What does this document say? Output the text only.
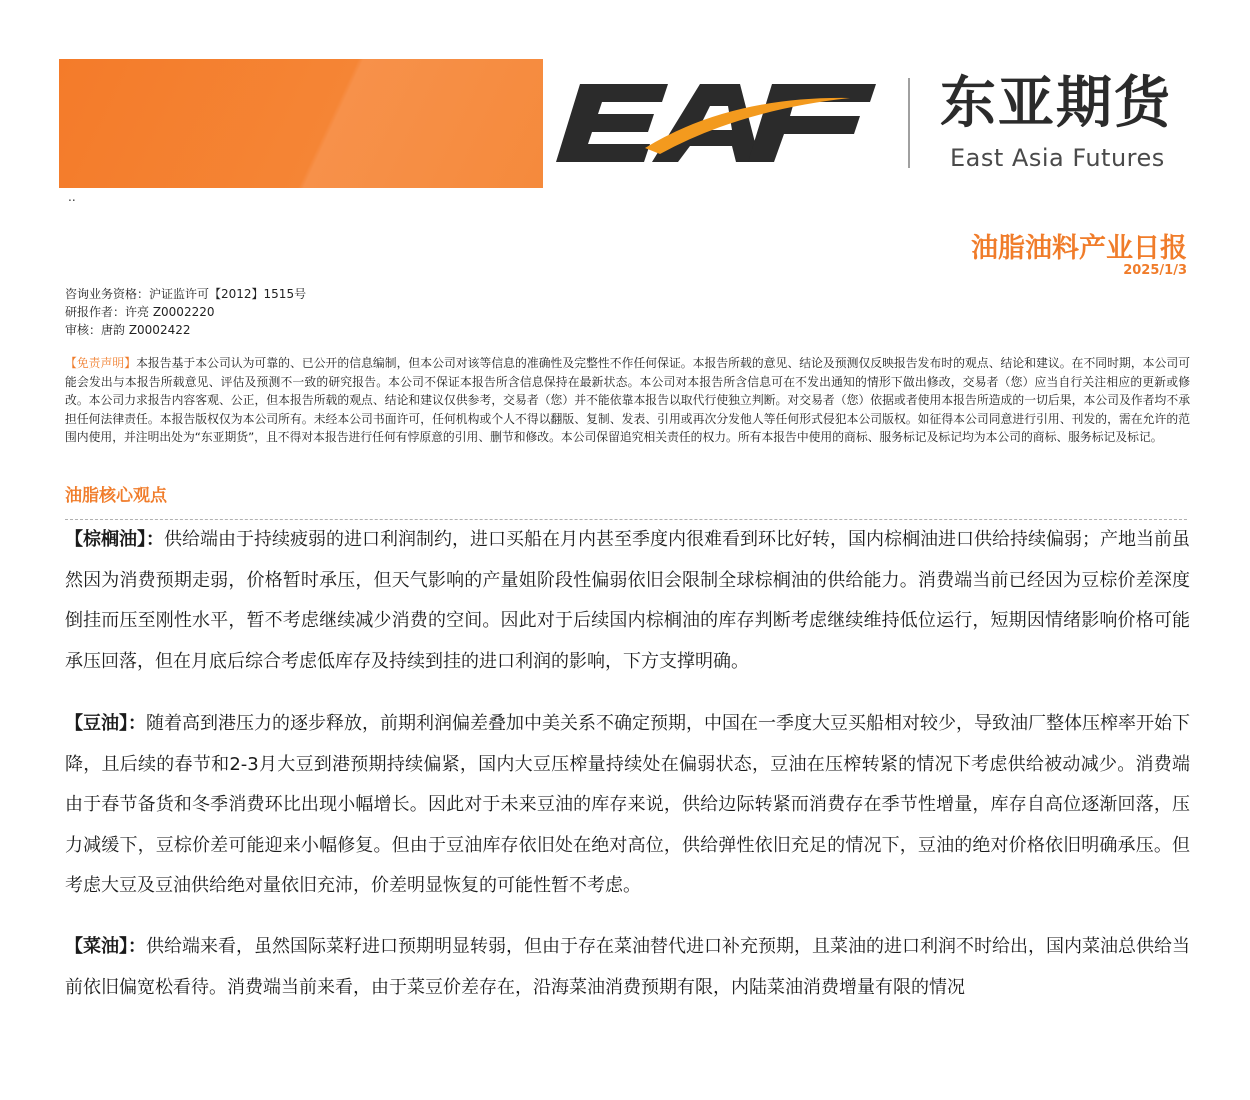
东亚期货
East Asia Futures
..
油脂油料产业日报
2025/1/3
咨询业务资格：沪证监许可【2012】1515号
研报作者：许亮 Z0002220
审核：唐韵 Z0002422
【免责声明】本报告基于本公司认为可靠的、已公开的信息编制，但本公司对该等信息的准确性及完整性不作任何保证。本报告所载的意见、结论及预测仅反映报告发布时的观点、结论和建议。在不同时期，本公司可能会发出与本报告所载意见、评估及预测不一致的研究报告。本公司不保证本报告所含信息保持在最新状态。本公司对本报告所含信息可在不发出通知的情形下做出修改，交易者（您）应当自行关注相应的更新或修改。本公司力求报告内容客观、公正，但本报告所载的观点、结论和建议仅供参考，交易者（您）并不能依靠本报告以取代行使独立判断。对交易者（您）依据或者使用本报告所造成的一切后果，本公司及作者均不承担任何法律责任。本报告版权仅为本公司所有。未经本公司书面许可，任何机构或个人不得以翻版、复制、发表、引用或再次分发他人等任何形式侵犯本公司版权。如征得本公司同意进行引用、刊发的，需在允许的范围内使用，并注明出处为“东亚期货”，且不得对本报告进行任何有悖原意的引用、删节和修改。本公司保留追究相关责任的权力。所有本报告中使用的商标、服务标记及标记均为本公司的商标、服务标记及标记。
油脂核心观点
【棕榈油】：供给端由于持续疲弱的进口利润制约，进口买船在月内甚至季度内很难看到环比好转，国内棕榈油进口供给持续偏弱；产地当前虽然因为消费预期走弱，价格暂时承压，但天气影响的产量姐阶段性偏弱依旧会限制全球棕榈油的供给能力。消费端当前已经因为豆棕价差深度倒挂而压至刚性水平，暂不考虑继续减少消费的空间。因此对于后续国内棕榈油的库存判断考虑继续维持低位运行，短期因情绪影响价格可能承压回落，但在月底后综合考虑低库存及持续到挂的进口利润的影响，下方支撑明确。
【豆油】：随着高到港压力的逐步释放，前期利润偏差叠加中美关系不确定预期，中国在一季度大豆买船相对较少，导致油厂整体压榨率开始下降，且后续的春节和2-3月大豆到港预期持续偏紧，国内大豆压榨量持续处在偏弱状态，豆油在压榨转紧的情况下考虑供给被动减少。消费端由于春节备货和冬季消费环比出现小幅增长。因此对于未来豆油的库存来说，供给边际转紧而消费存在季节性增量，库存自高位逐渐回落，压力减缓下，豆棕价差可能迎来小幅修复。但由于豆油库存依旧处在绝对高位，供给弹性依旧充足的情况下，豆油的绝对价格依旧明确承压。但考虑大豆及豆油供给绝对量依旧充沛，价差明显恢复的可能性暂不考虑。
【菜油】：供给端来看，虽然国际菜籽进口预期明显转弱，但由于存在菜油替代进口补充预期，且菜油的进口利润不时给出，国内菜油总供给当前依旧偏宽松看待。消费端当前来看，由于菜豆价差存在，沿海菜油消费预期有限，内陆菜油消费增量有限的情况
